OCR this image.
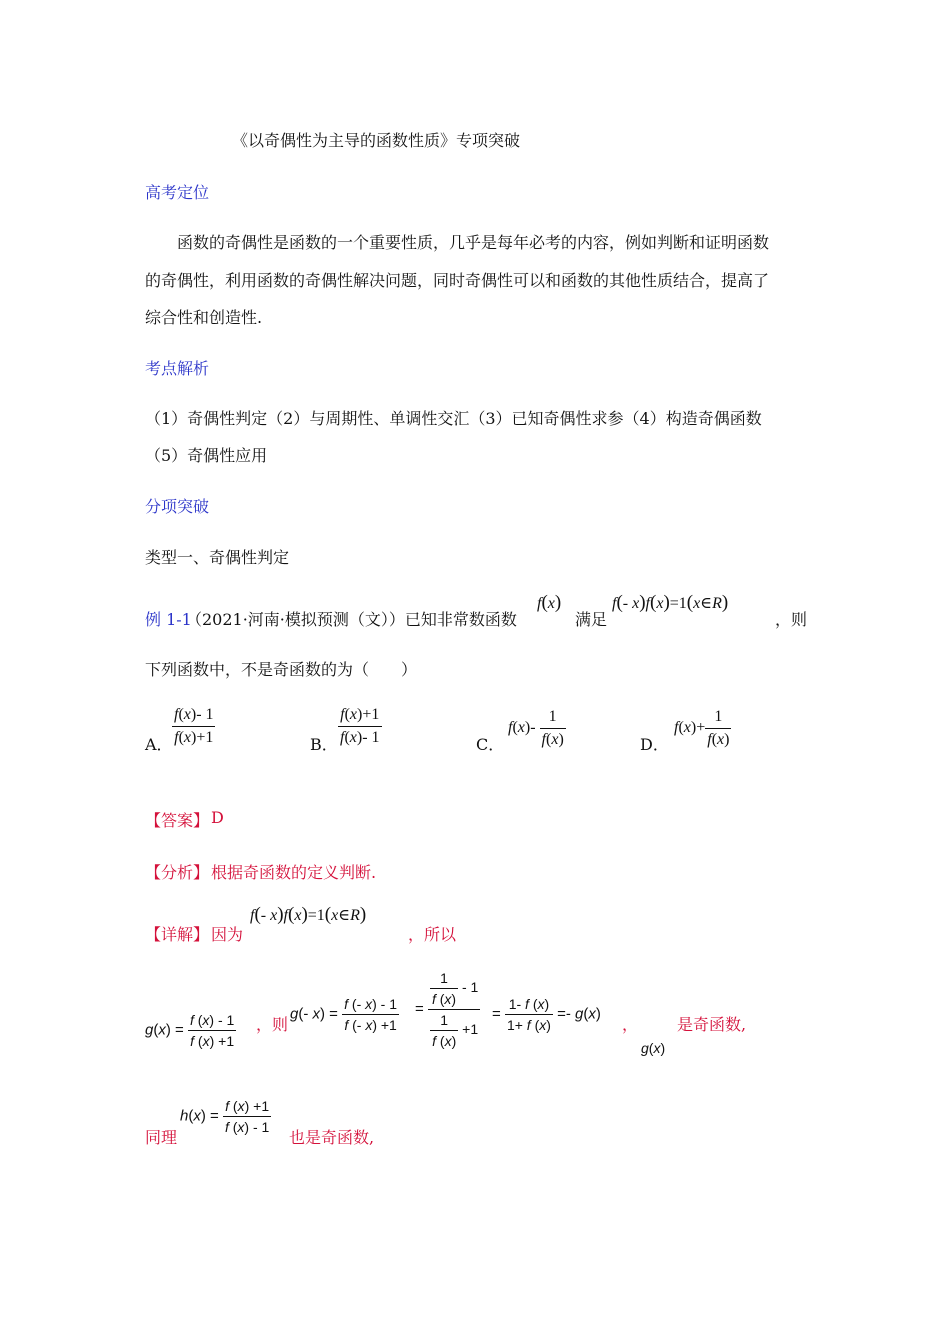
《以奇偶性为主导的函数性质》专项突破
高考定位
函数的奇偶性是函数的一个重要性质，几乎是每年必考的内容，例如判断和证明函数
的奇偶性，利用函数的奇偶性解决问题，同时奇偶性可以和函数的其他性质结合，提高了
综合性和创造性.
考点解析
（1）奇偶性判定（2）与周期性、单调性交汇（3）已知奇偶性求参（4）构造奇偶函数
（5）奇偶性应用
分项突破
类型一、奇偶性判定
例 1-1
（2021·河南·模拟预测（文））已知非常数函数
f(x)
满足
f(- x)f(x)=1(x∈R)
，则
下列函数中，不是奇函数的为（　　）
A． $\frac{f(x)- 1}{f(x)+1}$	B． $\frac{f(x)+1}{f(x)- 1}$	C．
$f(x)- \frac{1}{f(x)}$	D．
$f(x)+ \frac{1}{f(x)}$
【答案】 D
【分析】 根据奇函数的定义判断.
【详解】 因为
f(- x)f(x)=1(x∈R)
，所以
$g(x) = \frac{f (x) - 1}{f (x) +1}$ ，则
g(- $x) = \frac{f (- x) - 1}{f (- x) +1} = \frac{\frac{1}{f (x)} - 1}{\frac{1}{f (x)} +1} = \frac{1- f (x)}{1+ f (x)} =- g(x)$
， 是奇函数,
g(x)
同理
$h(x) = \frac{f (x) +1}{f (x) - 1}$
也是奇函数,
